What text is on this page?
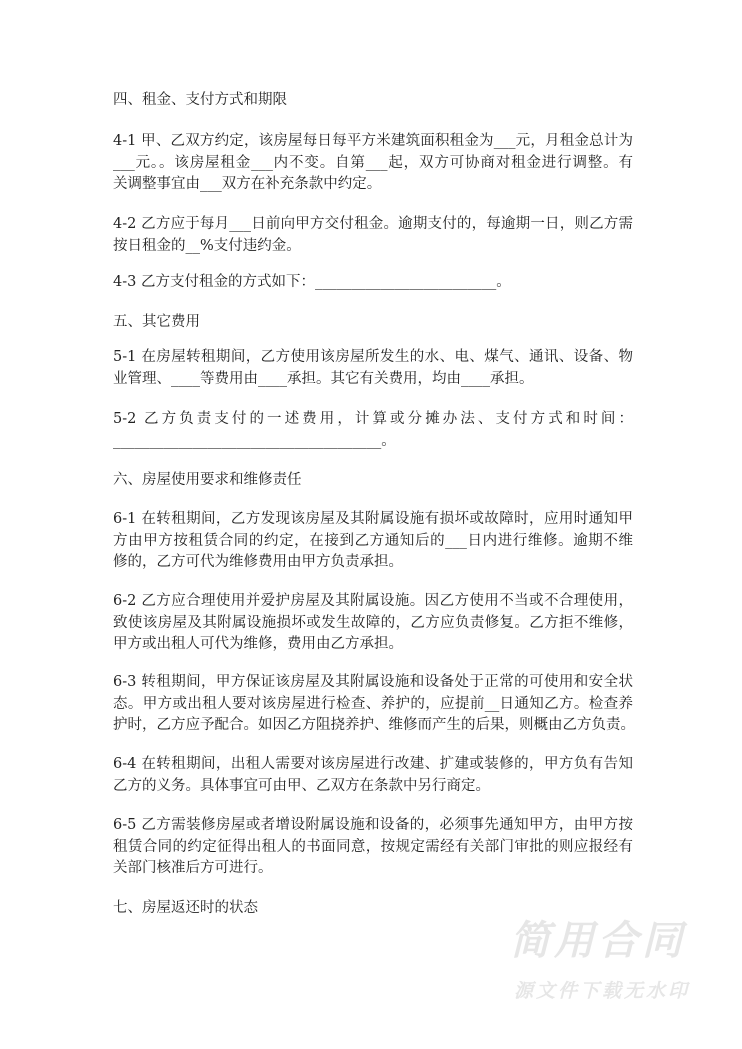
四、租金、支付方式和期限
4-1 甲、乙双方约定，该房屋每日每平方米建筑面积租金为___元，月租金总计为
___元。。该房屋租金___内不变。自第___起，双方可协商对租金进行调整。有
关调整事宜由___双方在补充条款中约定。
4-2 乙方应于每月___日前向甲方交付租金。逾期支付的，每逾期一日，则乙方需
按日租金的__%支付违约金。
4-3 乙方支付租金的方式如下：_________________________。
五、其它费用
5-1 在房屋转租期间，乙方使用该房屋所发生的水、电、煤气、通讯、设备、物
业管理、____等费用由____承担。其它有关费用，均由____承担。
5-2 乙方负责支付的一述费用，计算或分摊办法、支付方式和时间：
_____________________________________。
六、房屋使用要求和维修责任
6-1 在转租期间，乙方发现该房屋及其附属设施有损坏或故障时，应用时通知甲
方由甲方按租赁合同的约定，在接到乙方通知后的___日内进行维修。逾期不维
修的，乙方可代为维修费用由甲方负责承担。
6-2 乙方应合理使用并爱护房屋及其附属设施。因乙方使用不当或不合理使用，
致使该房屋及其附属设施损坏或发生故障的，乙方应负责修复。乙方拒不维修，
甲方或出租人可代为维修，费用由乙方承担。
6-3 转租期间，甲方保证该房屋及其附属设施和设备处于正常的可使用和安全状
态。甲方或出租人要对该房屋进行检查、养护的，应提前__日通知乙方。检查养
护时，乙方应予配合。如因乙方阻挠养护、维修而产生的后果，则概由乙方负责。
6-4 在转租期间，出租人需要对该房屋进行改建、扩建或装修的，甲方负有告知
乙方的义务。具体事宜可由甲、乙双方在条款中另行商定。
6-5 乙方需装修房屋或者增设附属设施和设备的，必须事先通知甲方，由甲方按
租赁合同的约定征得出租人的书面同意，按规定需经有关部门审批的则应报经有
关部门核准后方可进行。
七、房屋返还时的状态
简用合同
源文件下载无水印
